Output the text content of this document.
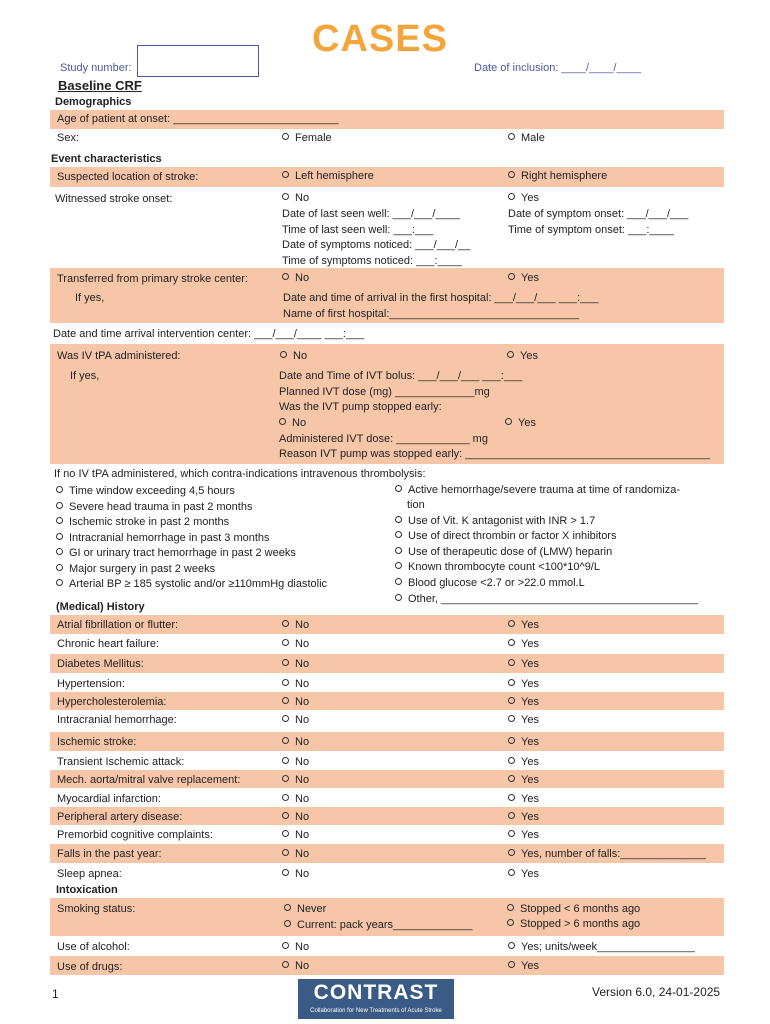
CASES
Study number:	Date of inclusion: ____/____/____
Baseline CRF
Demographics
Age of patient at onset: ___________________________
Sex:	Female	Male
Event characteristics
Suspected location of stroke:	Left hemisphere	Right hemisphere
Witnessed stroke onset:	No	Yes
Date of last seen well: ___/___/____
Time of last seen well: ___:___
Date of symptoms noticed: ___/___/__
Time of symptoms noticed: ___:____
Date of symptom onset: ___/___/___
Time of symptom onset: ___:____
Transferred from primary stroke center:	No	Yes
If yes,	Date and time of arrival in the first hospital: ___/___/___ ___:___
Name of first hospital:_______________________________
Date and time arrival intervention center: ___/___/____ ___:___
Was IV tPA administered:	No	Yes
If yes,	Date and Time of IVT bolus: ___/___/___ ___:___
Planned IVT dose (mg) _____________mg
Was the IVT pump stopped early:
No	Yes
Administered IVT dose: ____________ mg
Reason IVT pump was stopped early: ________________________________________
If no IV tPA administered, which contra-indications intravenous thrombolysis:
Time window exceeding 4,5 hours
Severe head trauma in past 2 months
Ischemic stroke in past 2 months
Intracranial hemorrhage in past 3 months
GI or urinary tract hemorrhage in past 2 weeks
Major surgery in past 2 weeks
Arterial BP ≥ 185 systolic and/or ≥110mmHg diastolic
Active hemorrhage/severe trauma at time of randomiza-
tion
Use of Vit. K antagonist with INR > 1.7
Use of direct thrombin or factor X inhibitors
Use of therapeutic dose of (LMW) heparin
Known thrombocyte count <100*10^9/L
Blood glucose <2.7 or >22.0 mmol.L
Other, __________________________________________
(Medical) History
Atrial fibrillation or flutter:	No	Yes
Chronic heart failure:	No	Yes
Diabetes Mellitus:	No	Yes
Hypertension:	No	Yes
Hypercholesterolemia:	No	Yes
Intracranial hemorrhage:	No	Yes
Ischemic stroke:	No	Yes
Transient Ischemic attack:	No	Yes
Mech. aorta/mitral valve replacement:	No	Yes
Myocardial infarction:	No	Yes
Peripheral artery disease:	No	Yes
Premorbid cognitive complaints:	No	Yes
Falls in the past year:	No	Yes, number of falls:______________
Sleep apnea:	No	Yes
Intoxication
Smoking status:	Never
Current: pack years_____________
Stopped < 6 months ago
Stopped > 6 months ago
Use of alcohol:	No	Yes; units/week________________
Use of drugs:	No	Yes
1	CONTRAST
Collaboration for New Treatments of Acute Stroke
Version 6.0, 24-01-2025
